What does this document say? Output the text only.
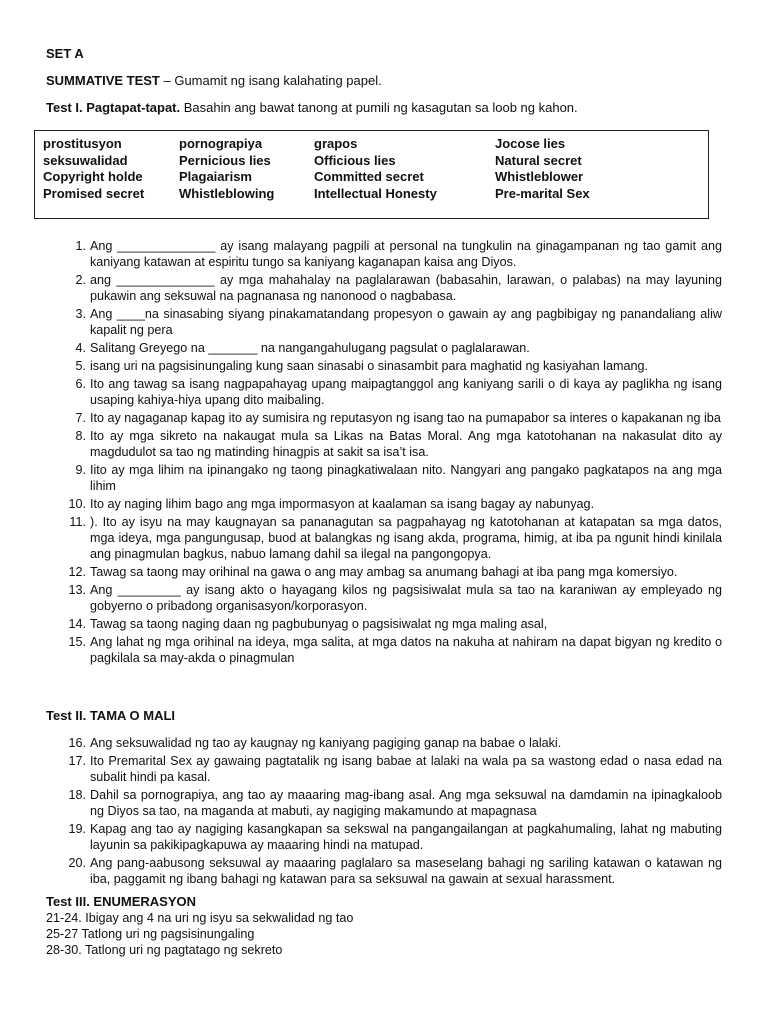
SET A
SUMMATIVE TEST – Gumamit ng isang kalahating papel.
Test I. Pagtapat-tapat. Basahin ang bawat tanong at pumili ng kasagutan sa loob ng kahon.
prostitusyon
seksuwalidad
Copyright holde
Promised secret
pornograpiya
Pernicious lies
Plagaiarism
Whistleblowing
grapos
Officious lies
Committed secret
Intellectual Honesty
Jocose lies
Natural secret
Whistleblower
Pre-marital Sex
1. Ang ______________ ay isang malayang pagpili at personal na tungkulin na ginagampanan ng tao gamit ang kaniyang katawan at espiritu tungo sa kaniyang kaganapan kaisa ang Diyos.
2. ang ______________ ay mga mahahalay na paglalarawan (babasahin, larawan, o palabas) na may layuning pukawin ang seksuwal na pagnanasa ng nanonood o nagbabasa.
3. Ang ____na sinasabing siyang pinakamatandang propesyon o gawain ay ang pagbibigay ng panandaliang aliw kapalit ng pera
4. Salitang Greyego na _______ na nangangahulugang pagsulat o paglalarawan.
5. isang uri na pagsisinungaling kung saan sinasabi o sinasambit para maghatid ng kasiyahan lamang.
6. Ito ang tawag sa isang nagpapahayag upang maipagtanggol ang kaniyang sarili o di kaya ay paglikha ng isang usaping kahiya-hiya upang dito maibaling.
7. Ito ay nagaganap kapag ito ay sumisira ng reputasyon ng isang tao na pumapabor sa interes o kapakanan ng iba
8. Ito ay mga sikreto na nakaugat mula sa Likas na Batas Moral. Ang mga katotohanan na nakasulat dito ay magdudulot sa tao ng matinding hinagpis at sakit sa isa’t isa.
9. Iito ay mga lihim na ipinangako ng taong pinagkatiwalaan nito. Nangyari ang pangako pagkatapos na ang mga lihim
10. Ito ay naging lihim bago ang mga impormasyon at kaalaman sa isang bagay ay nabunyag.
11. ). Ito ay isyu na may kaugnayan sa pananagutan sa pagpahayag ng katotohanan at katapatan sa mga datos, mga ideya, mga pangungusap, buod at balangkas ng isang akda, programa, himig, at iba pa ngunit hindi kinilala ang pinagmulan bagkus, nabuo lamang dahil sa ilegal na pangongopya.
12. Tawag sa taong may orihinal na gawa o ang may ambag sa anumang bahagi at iba pang mga komersiyo.
13. Ang _________ ay isang akto o hayagang kilos ng pagsisiwalat mula sa tao na karaniwan ay empleyado ng gobyerno o pribadong organisasyon/korporasyon.
14. Tawag sa taong naging daan ng pagbubunyag o pagsisiwalat ng mga maling asal,
15. Ang lahat ng mga orihinal na ideya, mga salita, at mga datos na nakuha at nahiram na dapat bigyan ng kredito o pagkilala sa may-akda o pinagmulan
Test II. TAMA O MALI
16. Ang seksuwalidad ng tao ay kaugnay ng kaniyang pagiging ganap na babae o lalaki.
17. Ito Premarital Sex ay gawaing pagtatalik ng isang babae at lalaki na wala pa sa wastong edad o nasa edad na subalit hindi pa kasal.
18. Dahil sa pornograpiya, ang tao ay maaaring mag-ibang asal. Ang mga seksuwal na damdamin na ipinagkaloob ng Diyos sa tao, na maganda at mabuti, ay nagiging makamundo at mapagnasa
19. Kapag ang tao ay nagiging kasangkapan sa sekswal na pangangailangan at pagkahumaling, lahat ng mabuting layunin sa pakikipagkapuwa ay maaaring hindi na matupad.
20. Ang pang-aabusong seksuwal ay maaaring paglalaro sa maseselang bahagi ng sariling katawan o katawan ng iba, paggamit ng ibang bahagi ng katawan para sa seksuwal na gawain at sexual harassment.
Test III. ENUMERASYON
21-24. Ibigay ang 4 na uri ng isyu sa sekwalidad ng tao
25-27 Tatlong uri ng pagsisinungaling
28-30. Tatlong uri ng pagtatago ng sekreto
